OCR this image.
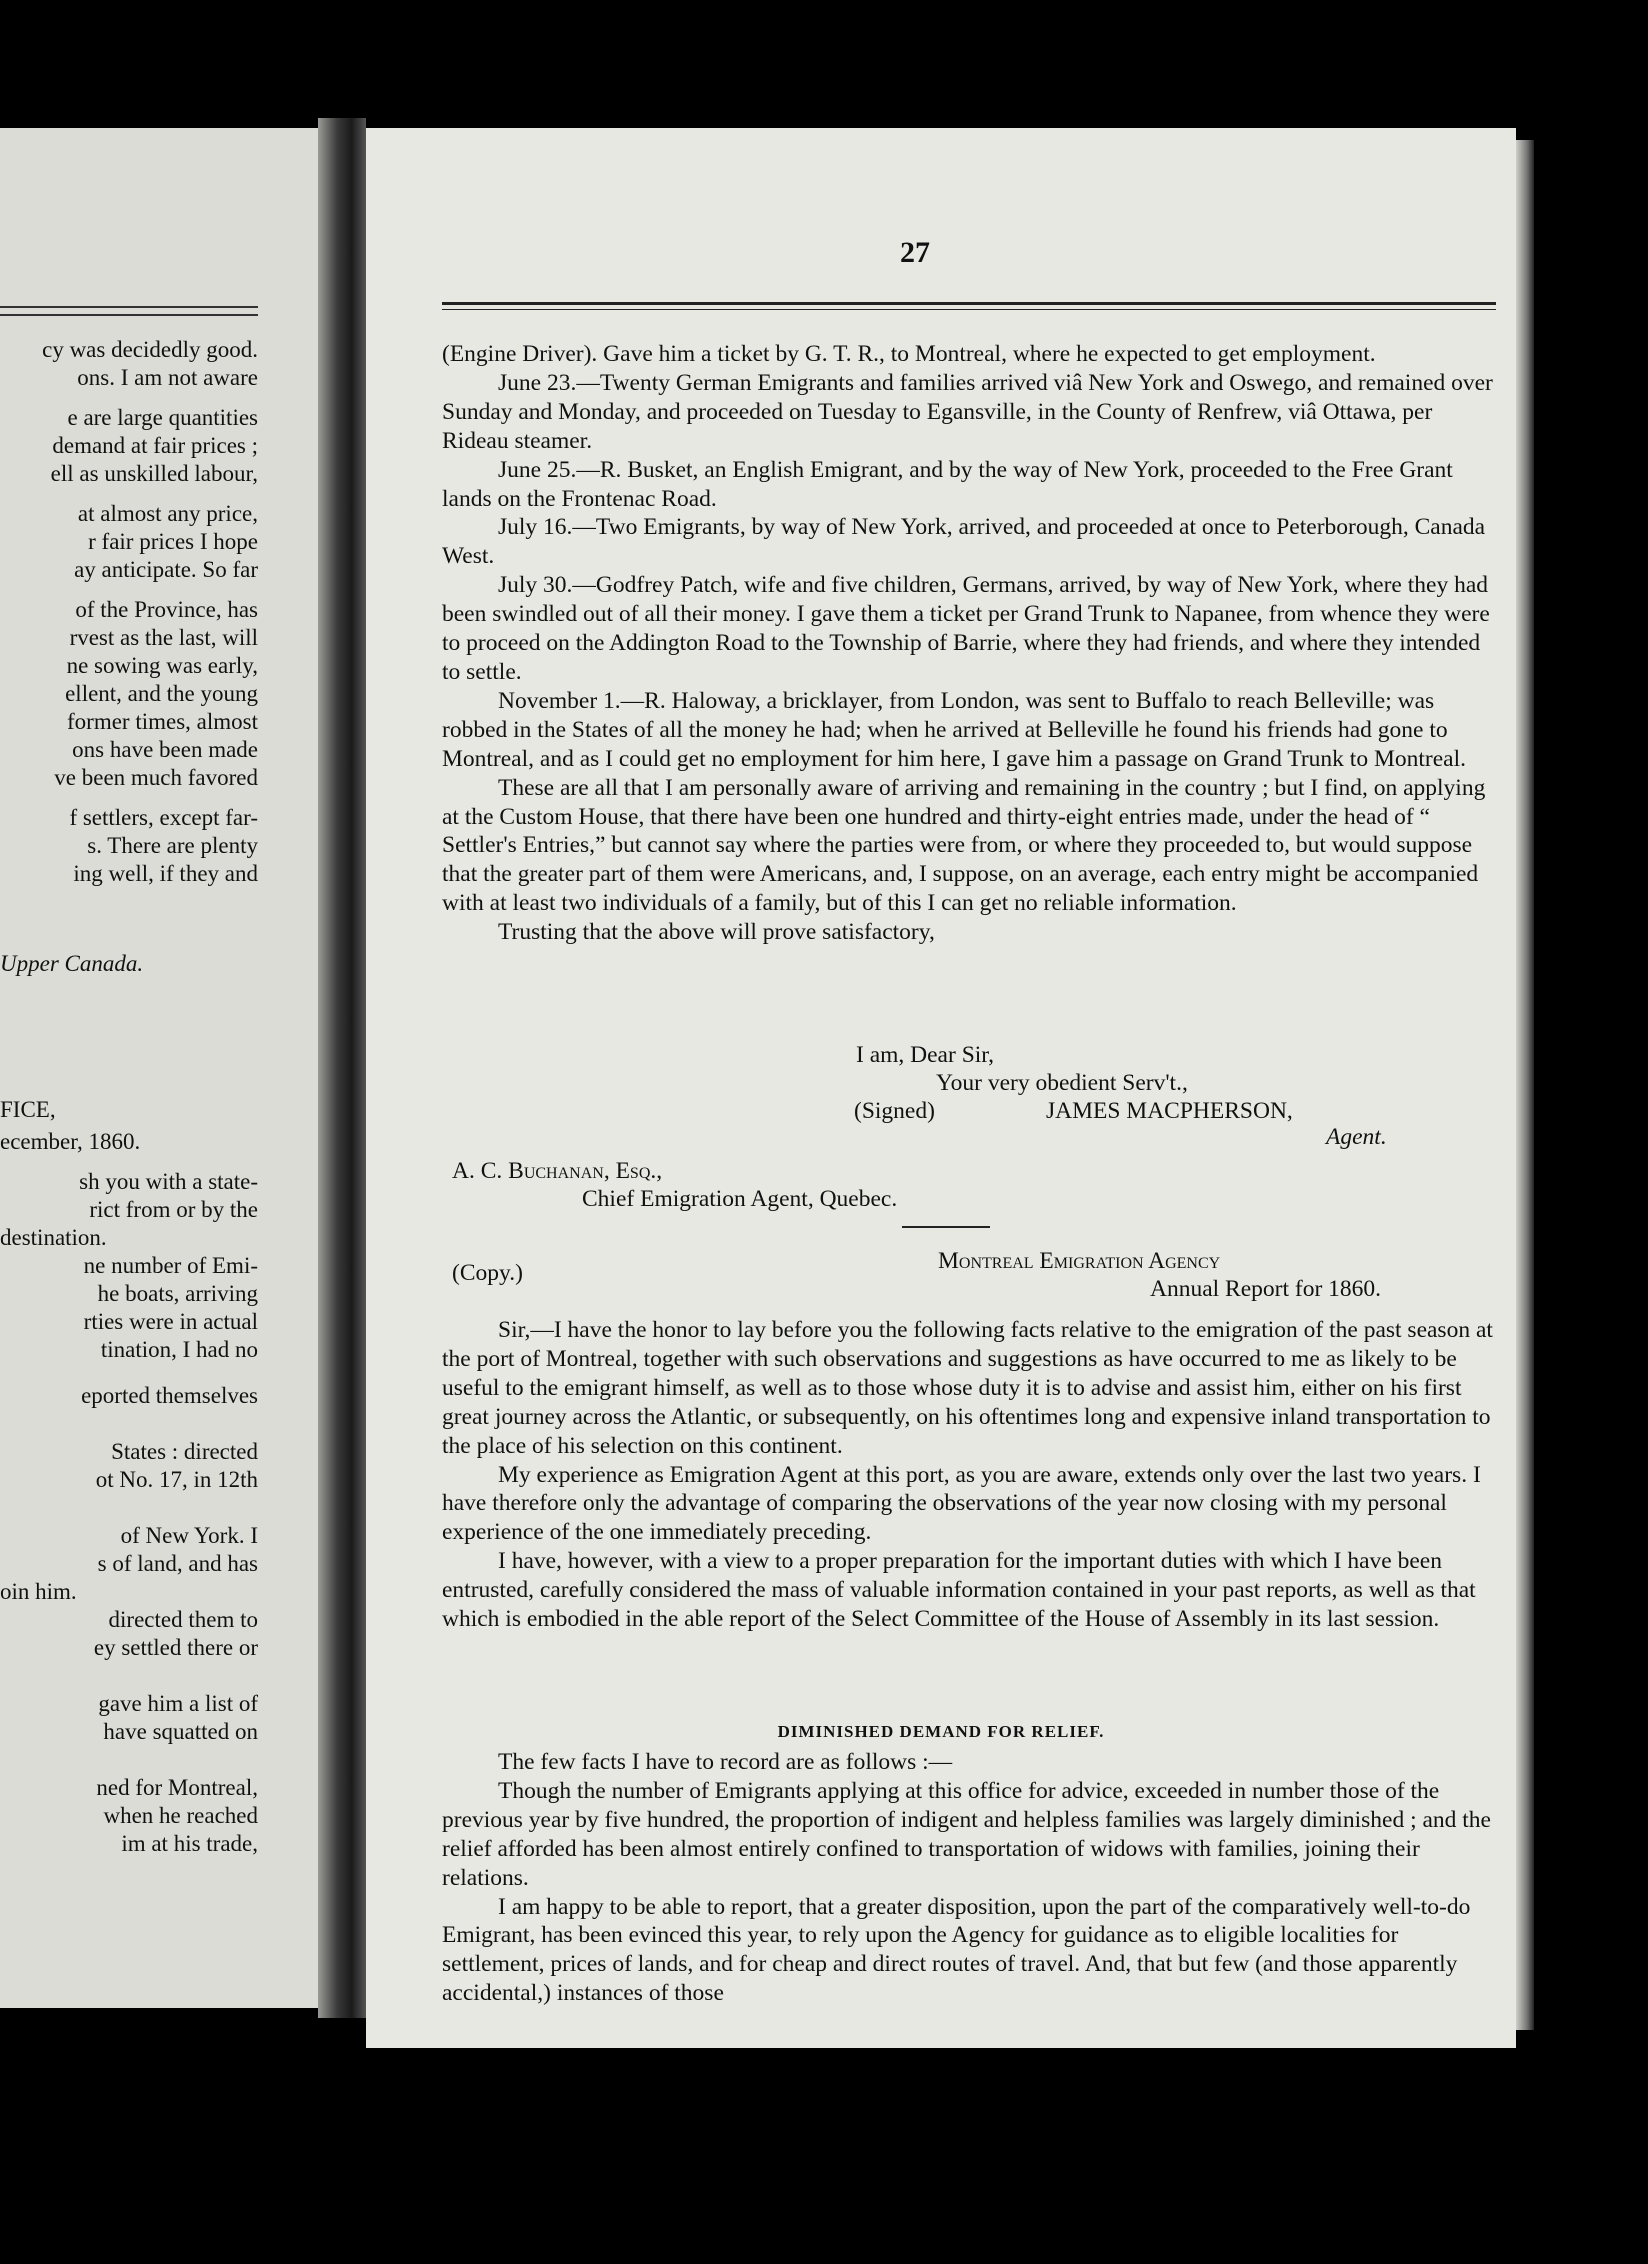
cy was decidedly good.
ons. I am not aware
e are large quantities
demand at fair prices ;
ell as unskilled labour,
at almost any price,
r fair prices I hope
ay anticipate. So far
of the Province, has
rvest as the last, will
ne sowing was early,
ellent, and the young
former times, almost
ons have been made
ve been much favored
f settlers, except far-
s. There are plenty
ing well, if they and
Upper Canada.
FICE,
ecember, 1860.
sh you with a state-
rict from or by the
destination.
ne number of Emi-
he boats, arriving
rties were in actual
tination, I had no
eported themselves
States : directed
ot No. 17, in 12th
of New York. I
s of land, and has
oin him.
directed them to
ey settled there or
gave him a list of
have squatted on
ned for Montreal,
when he reached
im at his trade,
27

(Engine Driver). Gave him a ticket by G. T. R., to Montreal, where he expected to get employment.

June 23.—Twenty German Emigrants and families arrived viâ New York and Oswego, and remained over Sunday and Monday, and proceeded on Tuesday to Egansville, in the County of Renfrew, viâ Ottawa, per Rideau steamer.

June 25.—R. Busket, an English Emigrant, and by the way of New York, proceeded to the Free Grant lands on the Frontenac Road.

July 16.—Two Emigrants, by way of New York, arrived, and proceeded at once to Peterborough, Canada West.

July 30.—Godfrey Patch, wife and five children, Germans, arrived, by way of New York, where they had been swindled out of all their money. I gave them a ticket per Grand Trunk to Napanee, from whence they were to proceed on the Addington Road to the Township of Barrie, where they had friends, and where they intended to settle.

November 1.—R. Haloway, a bricklayer, from London, was sent to Buffalo to reach Belleville; was robbed in the States of all the money he had; when he arrived at Belleville he found his friends had gone to Montreal, and as I could get no employment for him here, I gave him a passage on Grand Trunk to Montreal.

These are all that I am personally aware of arriving and remaining in the country ; but I find, on applying at the Custom House, that there have been one hundred and thirty-eight entries made, under the head of “ Settler's Entries,” but cannot say where the parties were from, or where they proceeded to, but would suppose that the greater part of them were Americans, and, I suppose, on an average, each entry might be accompanied with at least two individuals of a family, but of this I can get no reliable information.

Trusting that the above will prove satisfactory,

I am, Dear Sir,
Your very obedient Serv't.,
(Signed)	JAMES MACPHERSON,
Agent.
A. C. Buchanan, Esq.,
Chief Emigration Agent, Quebec.
(Copy.)	Montreal Emigration Agency
Annual Report for 1860.

Sir,—I have the honor to lay before you the following facts relative to the emigration of the past season at the port of Montreal, together with such observations and suggestions as have occurred to me as likely to be useful to the emigrant himself, as well as to those whose duty it is to advise and assist him, either on his first great journey across the Atlantic, or subsequently, on his oftentimes long and expensive inland transportation to the place of his selection on this continent.

My experience as Emigration Agent at this port, as you are aware, extends only over the last two years. I have therefore only the advantage of comparing the observations of the year now closing with my personal experience of the one immediately preceding.

I have, however, with a view to a proper preparation for the important duties with which I have been entrusted, carefully considered the mass of valuable information contained in your past reports, as well as that which is embodied in the able report of the Select Committee of the House of Assembly in its last session.

DIMINISHED DEMAND FOR RELIEF.

The few facts I have to record are as follows :—

Though the number of Emigrants applying at this office for advice, exceeded in number those of the previous year by five hundred, the proportion of indigent and helpless families was largely diminished ; and the relief afforded has been almost entirely confined to transportation of widows with families, joining their relations.

I am happy to be able to report, that a greater disposition, upon the part of the comparatively well-to-do Emigrant, has been evinced this year, to rely upon the Agency for guidance as to eligible localities for settlement, prices of lands, and for cheap and direct routes of travel. And, that but few (and those apparently accidental,) instances of those
